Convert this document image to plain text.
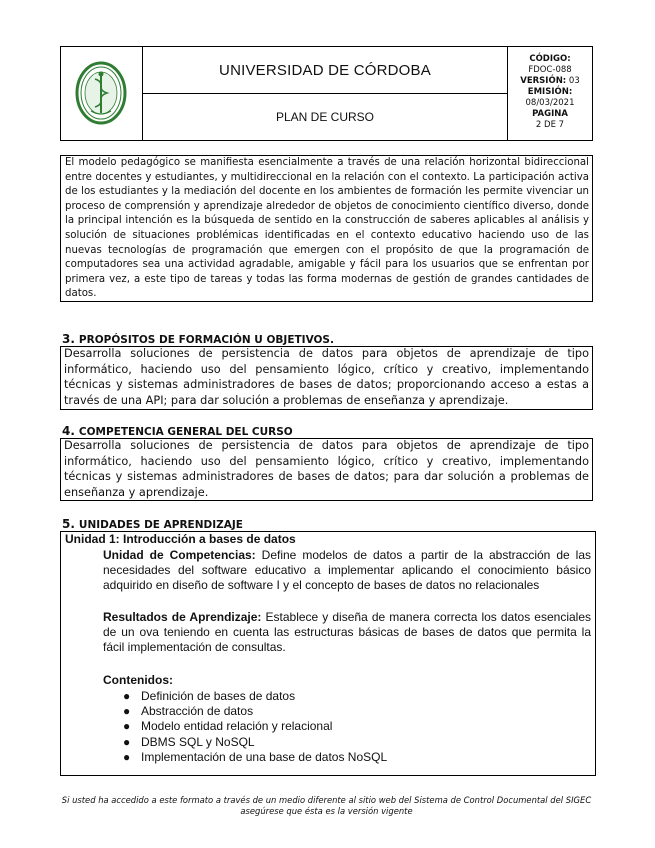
UNIVERSIDAD DE CÓRDOBA
PLAN DE CURSO
CÓDIGO:
FDOC-088
VERSIÓN: 03
EMISIÓN:
08/03/2021
PAGINA
2 DE 7
El modelo pedagógico se manifiesta esencialmente a través de una relación horizontal bidireccional entre docentes y estudiantes, y multidireccional en la relación con el contexto. La participación activa de los estudiantes y la mediación del docente en los ambientes de formación les permite vivenciar un proceso de comprensión y aprendizaje alrededor de objetos de conocimiento científico diverso, donde la principal intención es la búsqueda de sentido en la construcción de saberes aplicables al análisis y solución de situaciones problémicas identificadas en el contexto educativo haciendo uso de las nuevas tecnologías de programación que emergen con el propósito de que la programación de computadores sea una actividad agradable, amigable y fácil para los usuarios que se enfrentan por primera vez, a este tipo de tareas y todas las forma modernas de gestión de grandes cantidades de datos.
3. PROPÓSITOS DE FORMACIÓN U OBJETIVOS.
Desarrolla soluciones de persistencia de datos para objetos de aprendizaje de tipo informático, haciendo uso del pensamiento lógico, crítico y creativo, implementando técnicas y sistemas administradores de bases de datos; proporcionando acceso a estas a través de una API; para dar solución a problemas de enseñanza y aprendizaje.
4. COMPETENCIA GENERAL DEL CURSO
Desarrolla soluciones de persistencia de datos para objetos de aprendizaje de tipo informático, haciendo uso del pensamiento lógico, crítico y creativo, implementando técnicas y sistemas administradores de bases de datos; para dar solución a problemas de enseñanza y aprendizaje.
5. UNIDADES DE APRENDIZAJE
Unidad 1: Introducción a bases de datos
Unidad de Competencias: Define modelos de datos a partir de la abstracción de las necesidades del software educativo a implementar aplicando el conocimiento básico adquirido en diseño de software I y el concepto de bases de datos no relacionales
Resultados de Aprendizaje: Establece y diseña de manera correcta los datos esenciales de un ova teniendo en cuenta las estructuras básicas de bases de datos que permita la fácil implementación de consultas.
Contenidos:
● Definición de bases de datos
● Abstracción de datos
● Modelo entidad relación y relacional
● DBMS SQL y NoSQL
● Implementación de una base de datos NoSQL
Si usted ha accedido a este formato a través de un medio diferente al sitio web del Sistema de Control Documental del SIGEC asegúrese que ésta es la versión vigente
